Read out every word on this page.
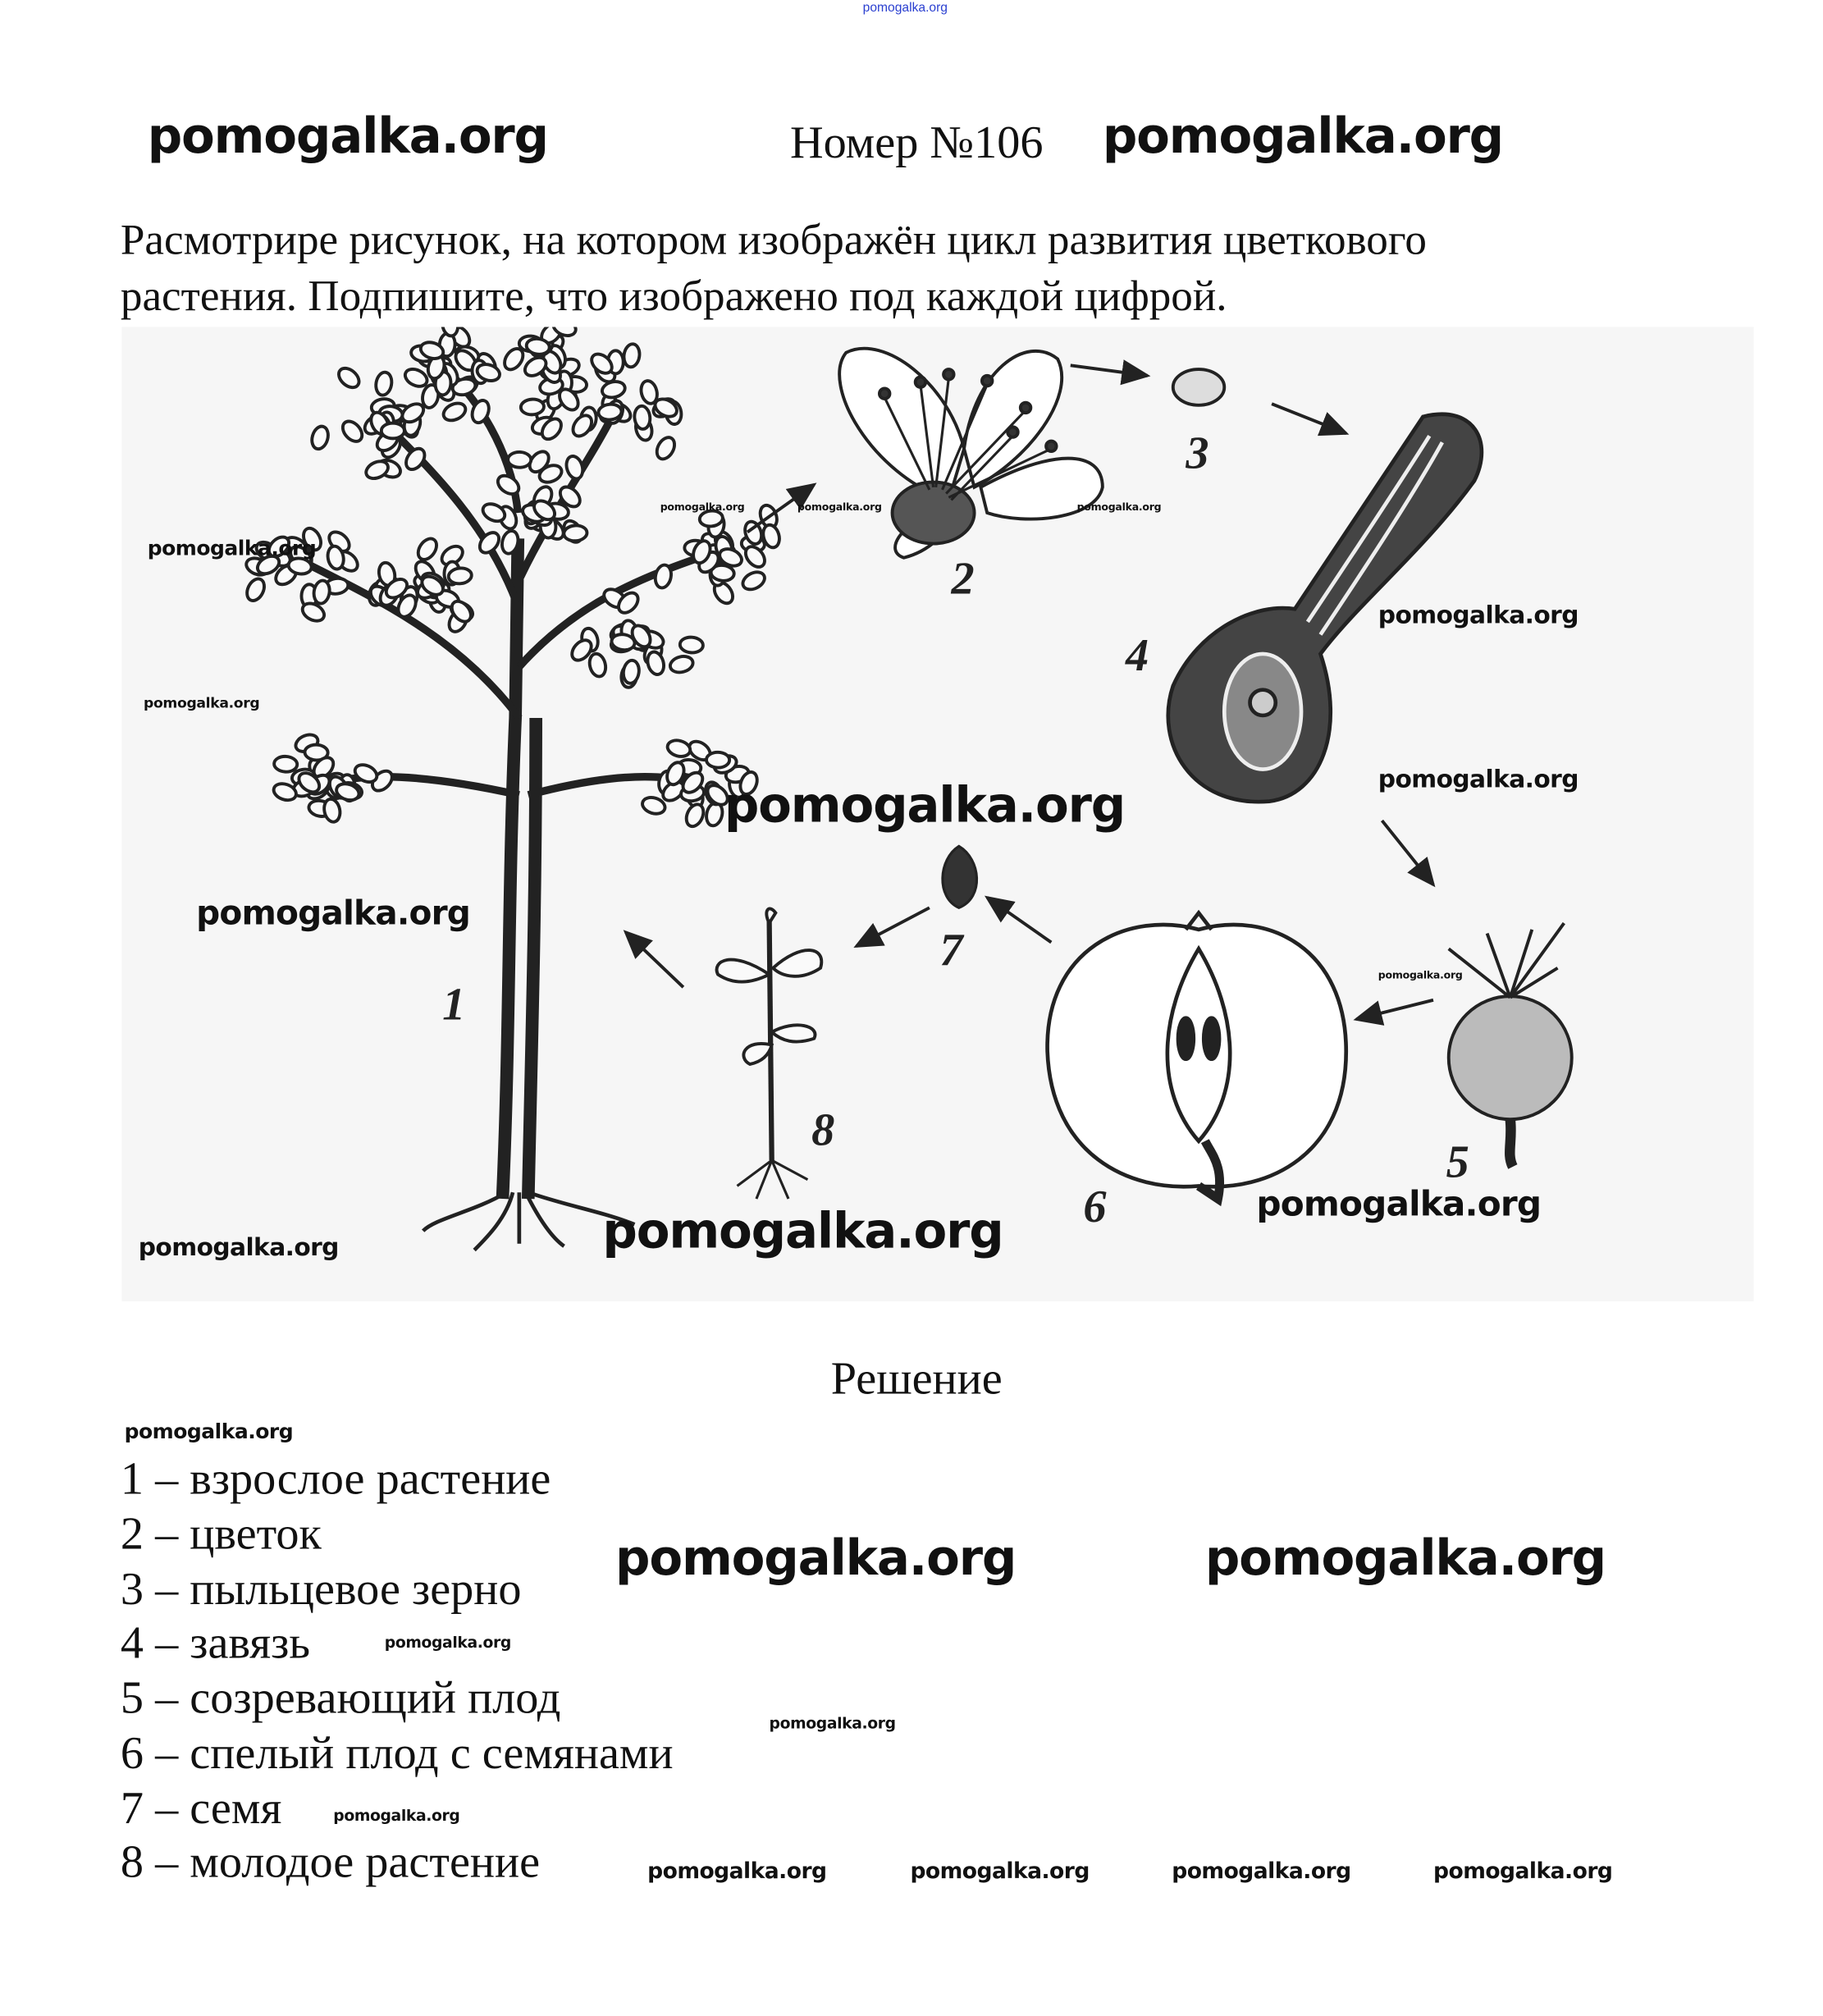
pomogalka.org
Номер №106
Расмотрире рисунок, на котором изображён цикл развития цветкового
растения. Подпишите, что изображено под каждой цифрой.
1
2
3
4
5
6
7
8
Решение
1 – взрослое растение
2 – цветок
3 – пыльцевое зерно
4 – завязь
5 – созревающий плод
6 – спелый плод с семянами
7 – семя
8 – молодое растение
pomogalka.org	pomogalka.org
pomogalka.org
pomogalka.org
pomogalka.org	pomogalka.org	pomogalka.org
pomogalka.org
pomogalka.org
pomogalka.org
pomogalka.org
pomogalka.org
pomogalka.org
pomogalka.org	pomogalka.org
pomogalka.org
pomogalka.org	pomogalka.org
pomogalka.org
pomogalka.org
pomogalka.org
pomogalka.org	pomogalka.org	pomogalka.org	pomogalka.org
